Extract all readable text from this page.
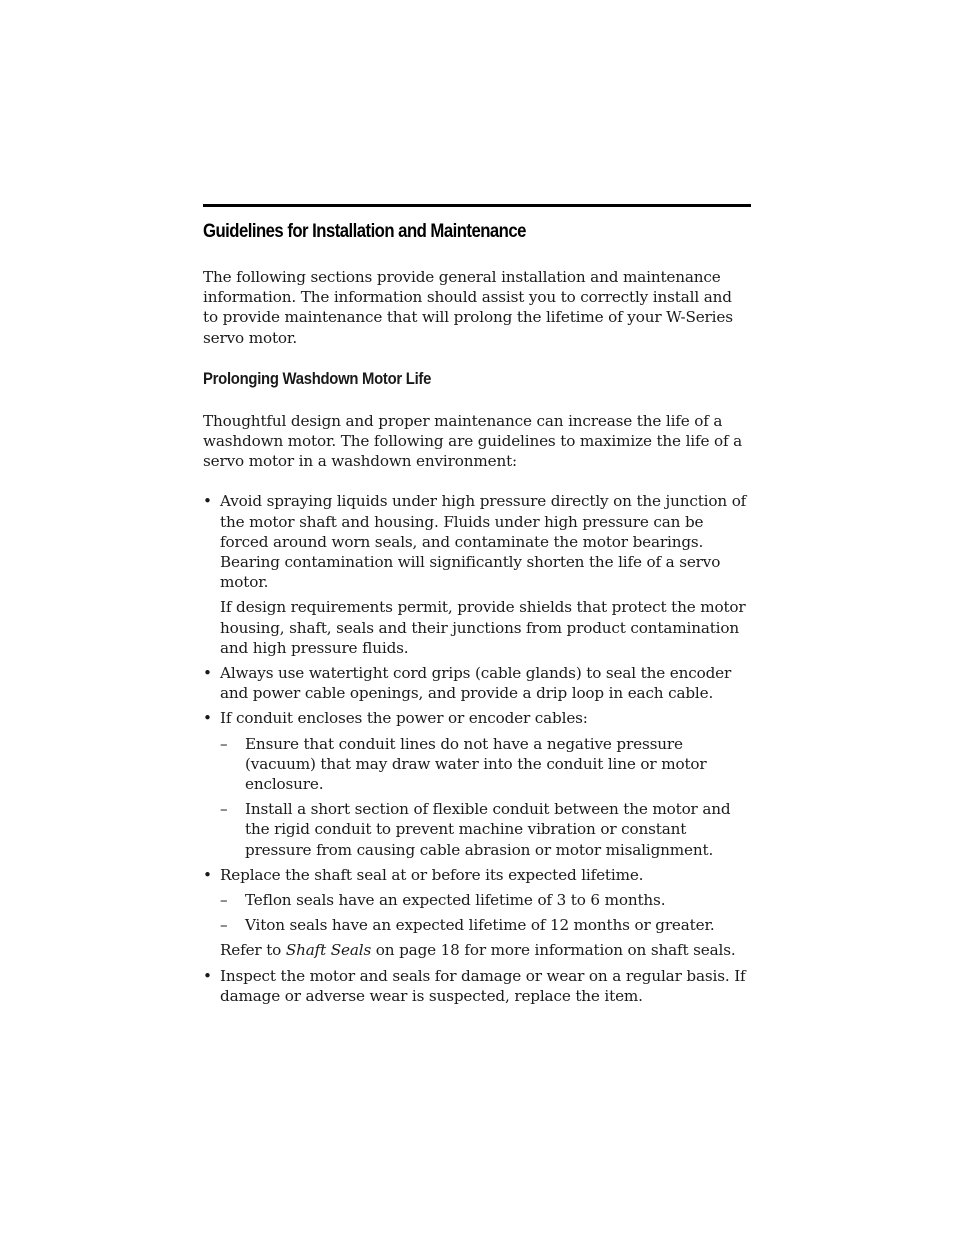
Guidelines for Installation and Maintenance

The following sections provide general installation and maintenance information. The information should assist you to correctly install and to provide maintenance that will prolong the lifetime of your W-Series servo motor.

Prolonging Washdown Motor Life

Thoughtful design and proper maintenance can increase the life of a washdown motor. The following are guidelines to maximize the life of a servo motor in a washdown environment:

• Avoid spraying liquids under high pressure directly on the junction of the motor shaft and housing. Fluids under high pressure can be forced around worn seals, and contaminate the motor bearings. Bearing contamination will significantly shorten the life of a servo motor.

If design requirements permit, provide shields that protect the motor housing, shaft, seals and their junctions from product contamination and high pressure fluids.

• Always use watertight cord grips (cable glands) to seal the encoder and power cable openings, and provide a drip loop in each cable.

• If conduit encloses the power or encoder cables:

– Ensure that conduit lines do not have a negative pressure (vacuum) that may draw water into the conduit line or motor enclosure.

– Install a short section of flexible conduit between the motor and the rigid conduit to prevent machine vibration or constant pressure from causing cable abrasion or motor misalignment.

• Replace the shaft seal at or before its expected lifetime.

– Teflon seals have an expected lifetime of 3 to 6 months.

– Viton seals have an expected lifetime of 12 months or greater.

Refer to Shaft Seals on page 18 for more information on shaft seals.

• Inspect the motor and seals for damage or wear on a regular basis. If damage or adverse wear is suspected, replace the item.
